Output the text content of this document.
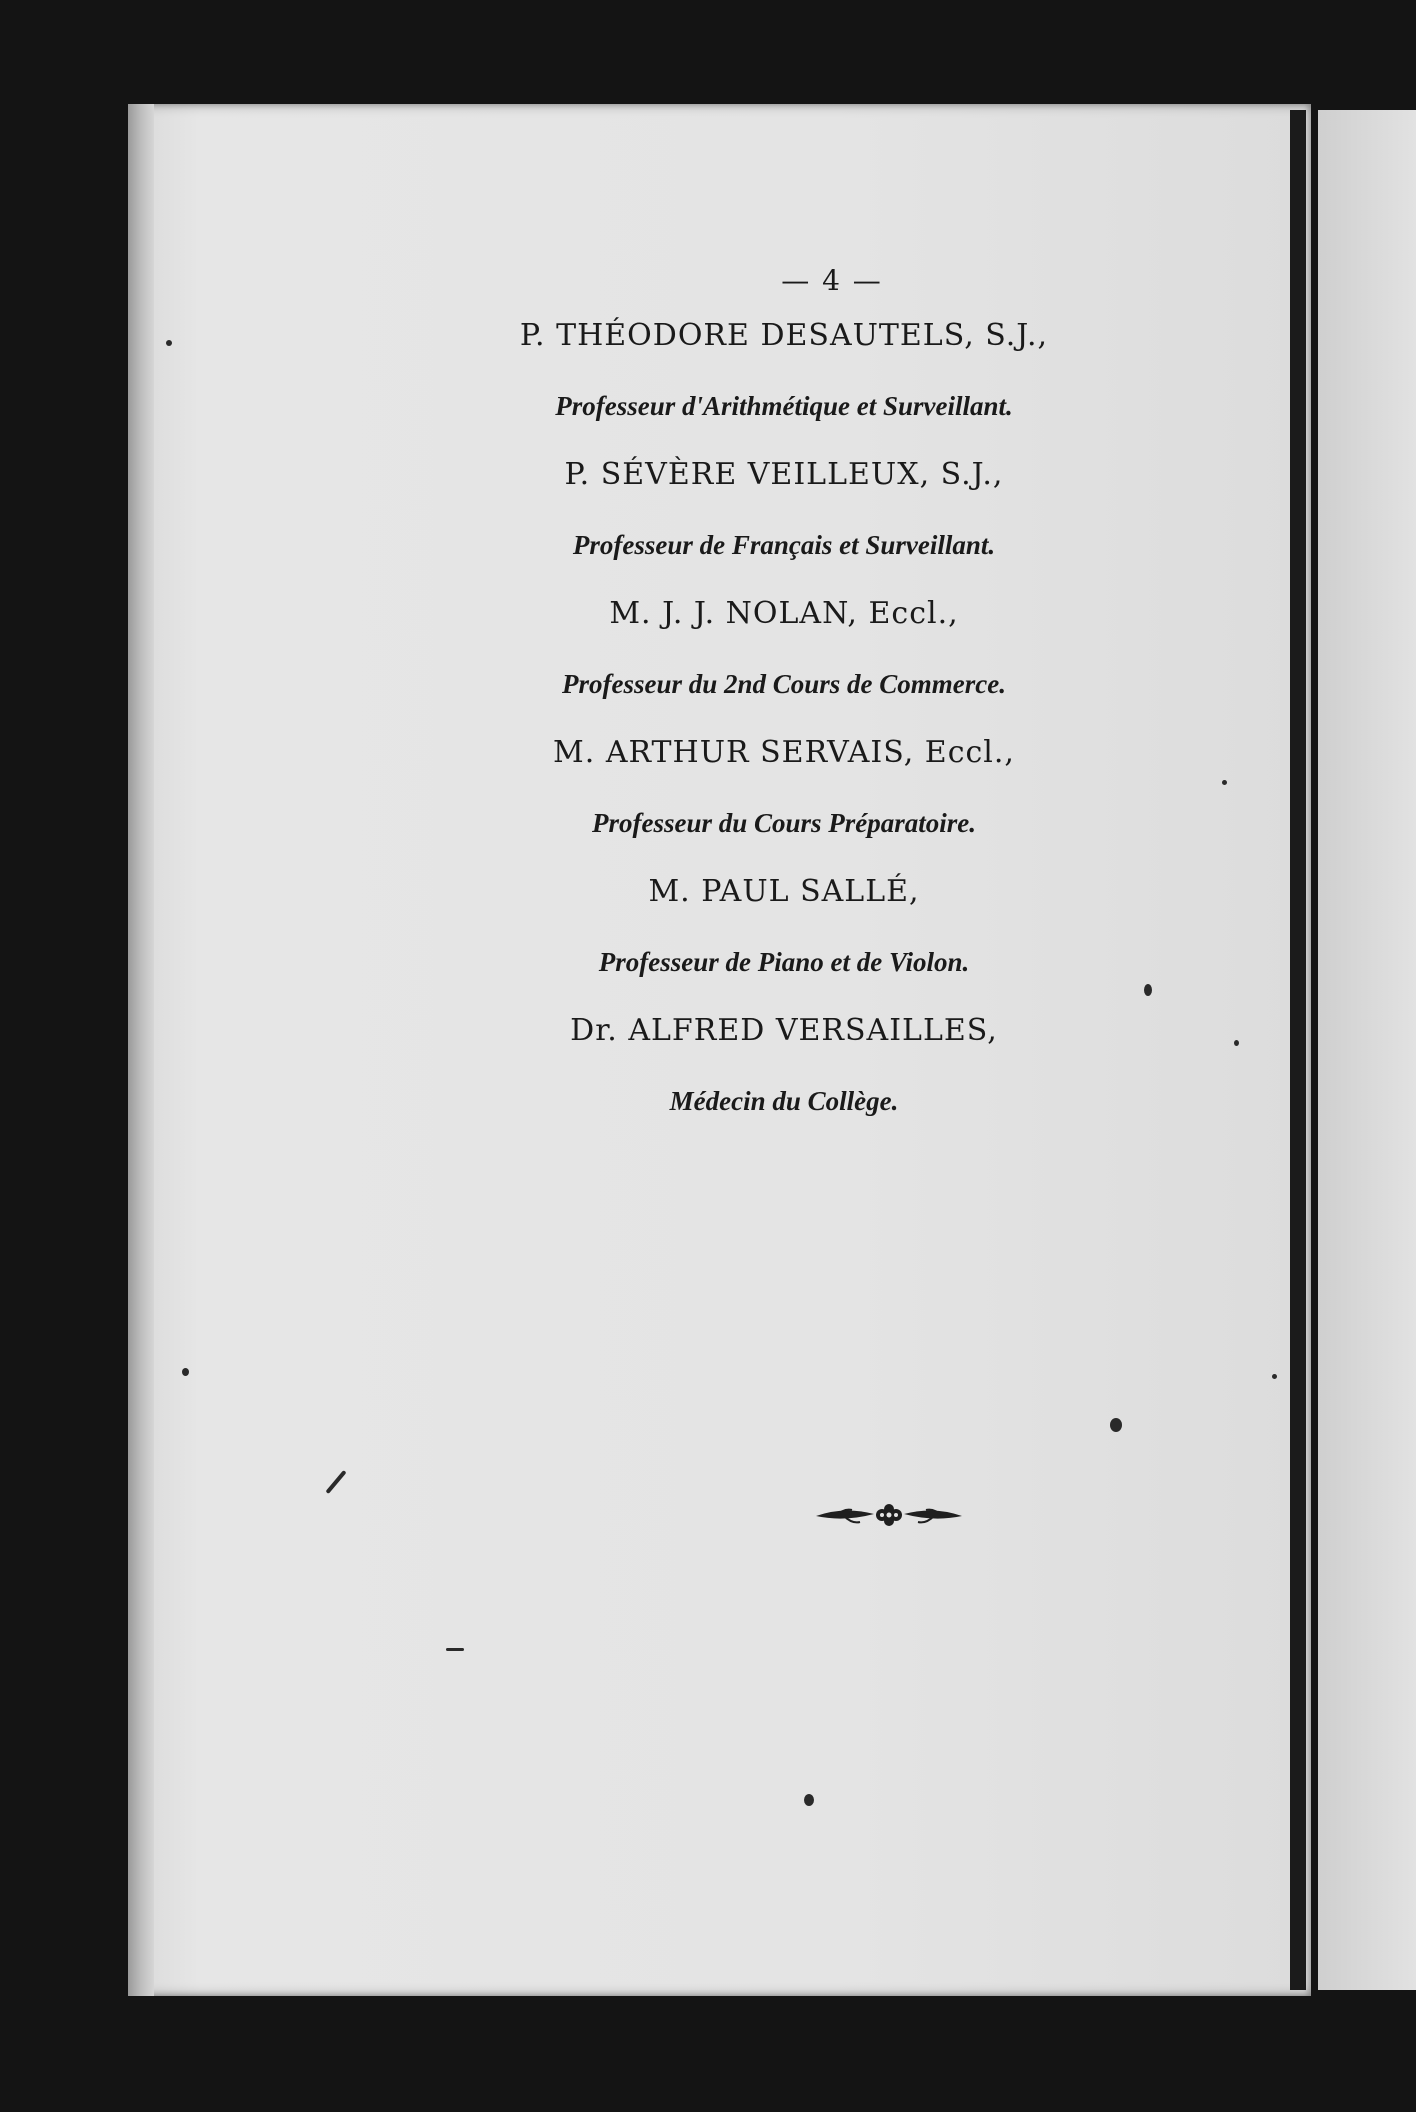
— 4 —
P. THÉODORE DESAUTELS, S.J.,
Professeur d'Arithmétique et Surveillant.
P. SÉVÈRE VEILLEUX, S.J.,
Professeur de Français et Surveillant.
M. J. J. NOLAN, Eccl.,
Professeur du 2nd Cours de Commerce.
M. ARTHUR SERVAIS, Eccl.,
Professeur du Cours Préparatoire.
M. PAUL SALLÉ,
Professeur de Piano et de Violon.
Dr. ALFRED VERSAILLES,
Médecin du Collège.
